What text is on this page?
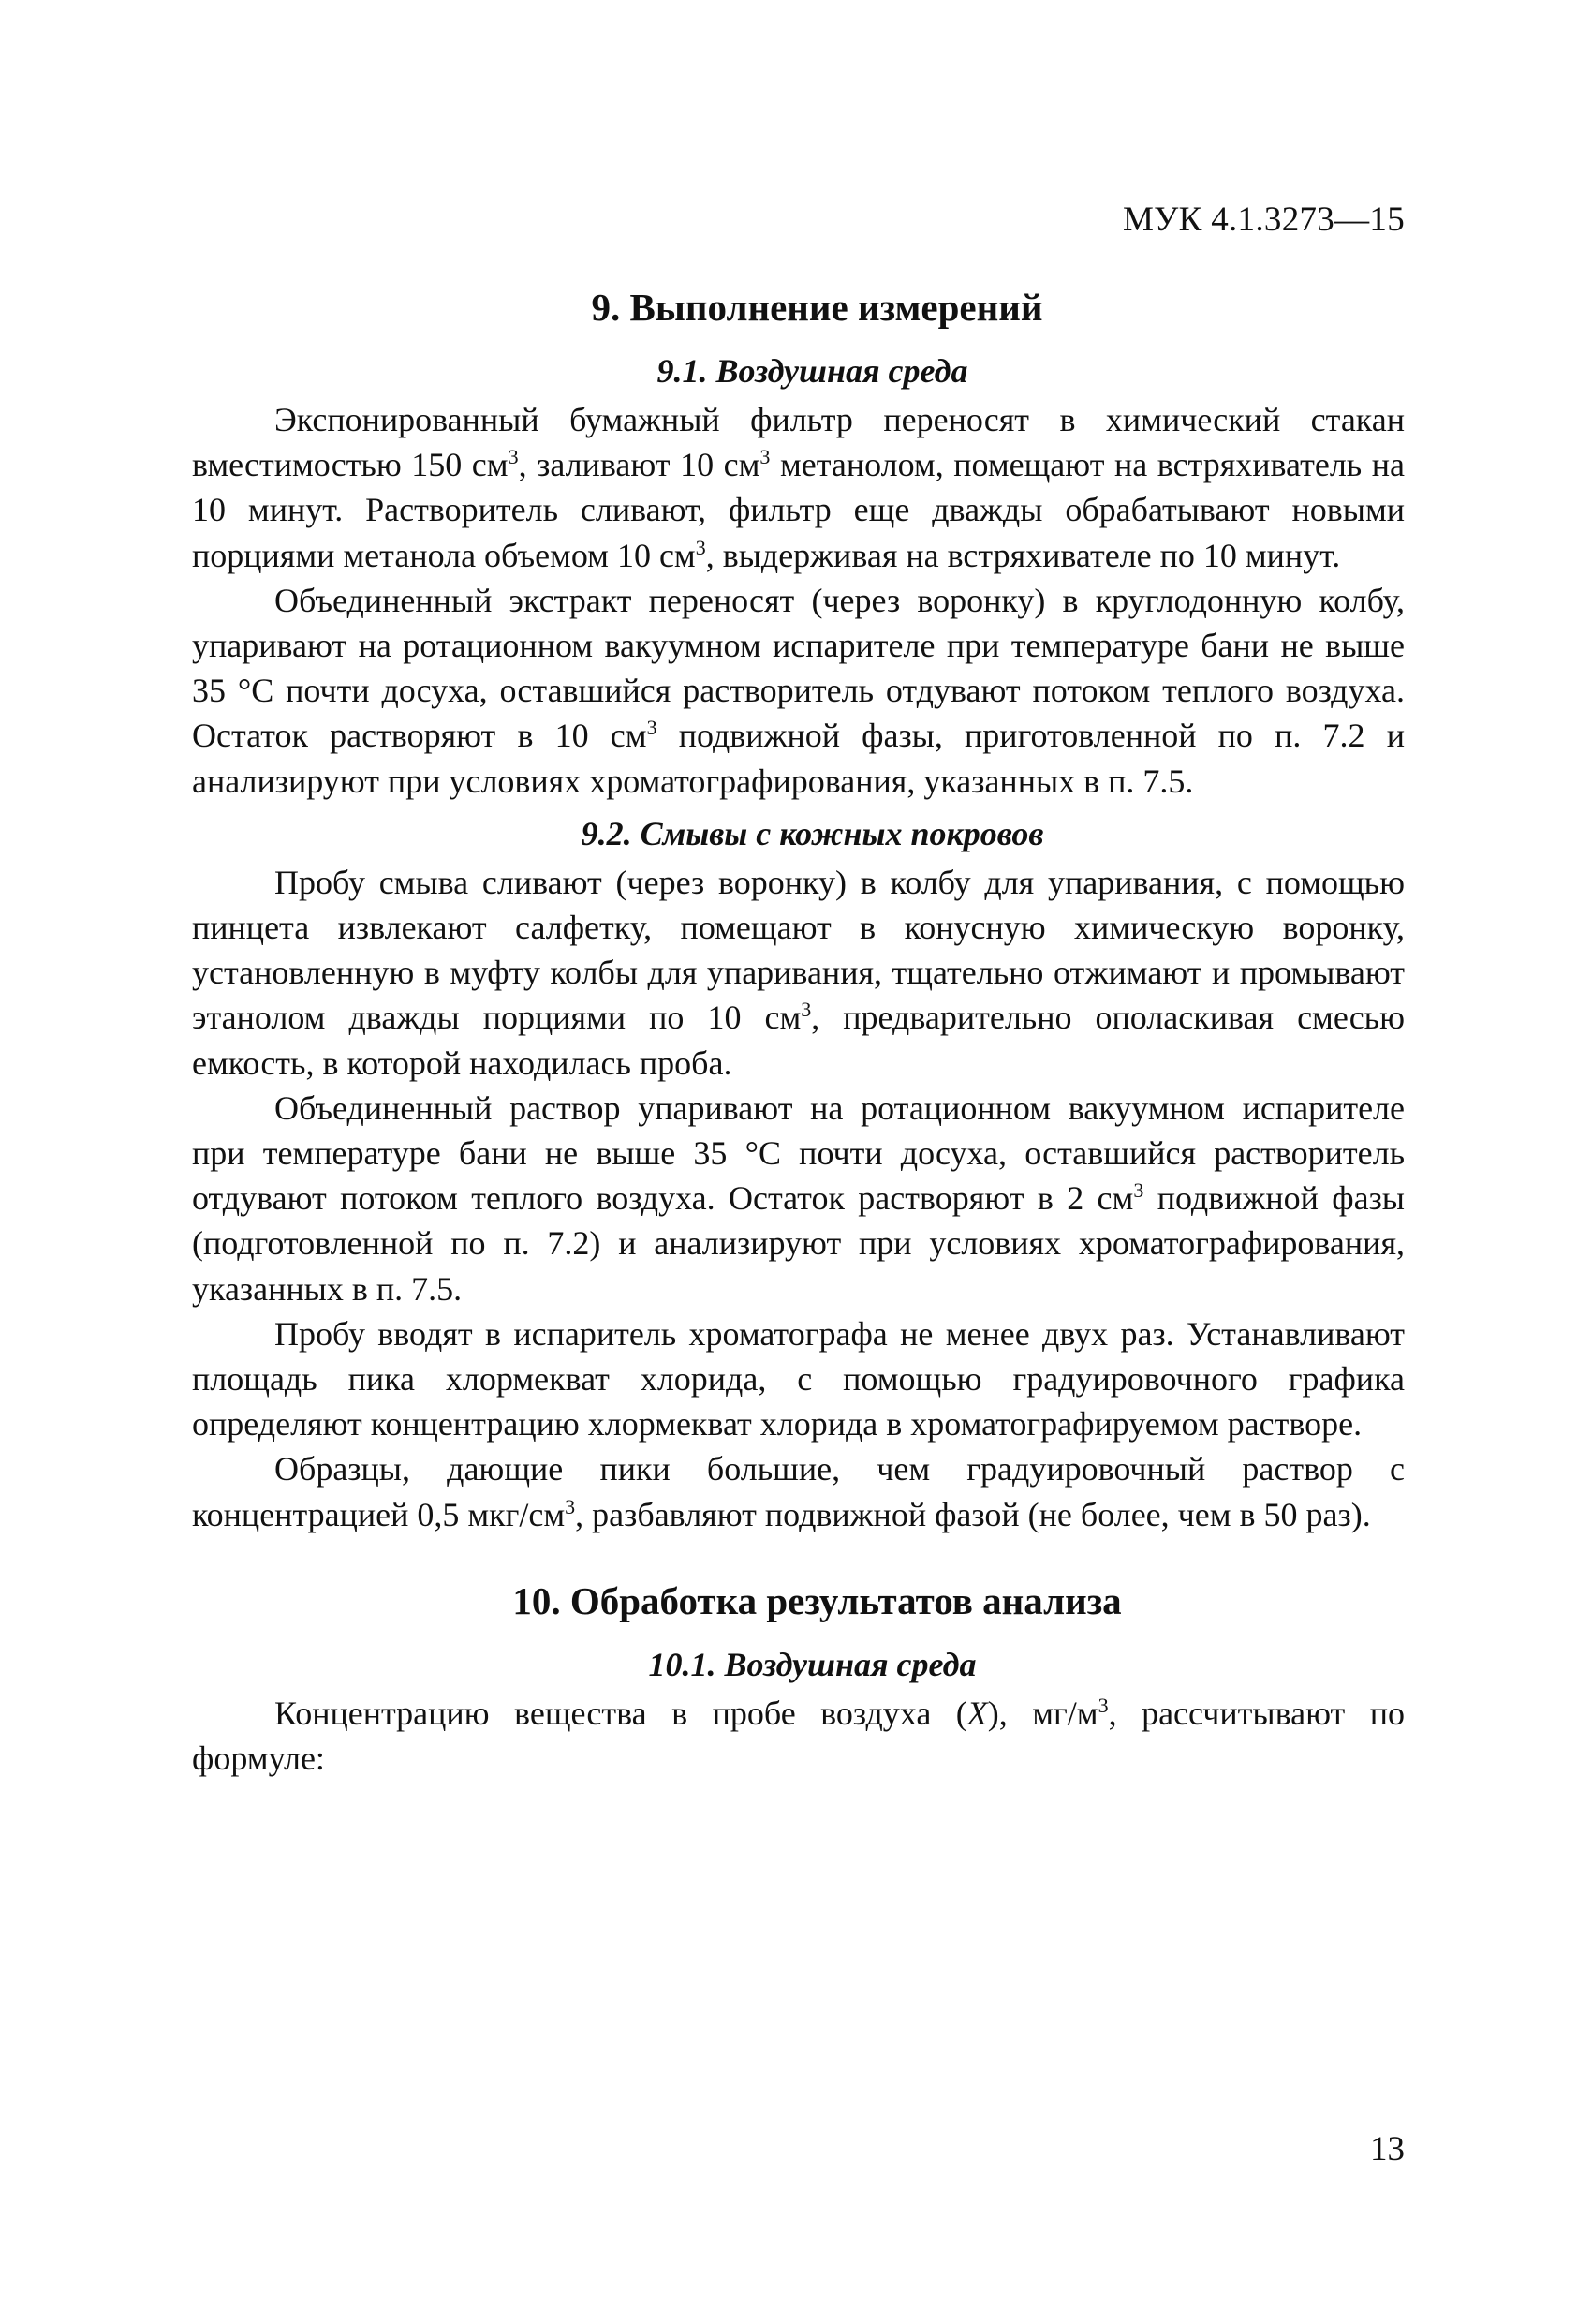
МУК 4.1.3273—15
9. Выполнение измерений
9.1. Воздушная среда

Экспонированный бумажный фильтр переносят в химический стакан вместимостью 150 $см^3$, заливают 10 $см^3$ метанолом, помещают на встряхиватель на 10 минут. Растворитель сливают, фильтр еще дважды обрабатывают новыми порциями метанола объемом 10 $см^3$, выдерживая на встряхивателе по 10 минут.

Объединенный экстракт переносят (через воронку) в круглодонную колбу, упаривают на ротационном вакуумном испарителе при температуре бани не выше 35 °С почти досуха, оставшийся растворитель отдувают потоком теплого воздуха. Остаток растворяют в 10 $см^3$ подвижной фазы, приготовленной по п. 7.2 и анализируют при условиях хроматографирования, указанных в п. 7.5.

9.2. Смывы с кожных покровов

Пробу смыва сливают (через воронку) в колбу для упаривания, с помощью пинцета извлекают салфетку, помещают в конусную химическую воронку, установленную в муфту колбы для упаривания, тщательно отжимают и промывают этанолом дважды порциями по 10 $см^3$, предварительно ополаскивая смесью емкость, в которой находилась проба.

Объединенный раствор упаривают на ротационном вакуумном испарителе при температуре бани не выше 35 °С почти досуха, оставшийся растворитель отдувают потоком теплого воздуха. Остаток растворяют в 2 $см^3$ подвижной фазы (подготовленной по п. 7.2) и анализируют при условиях хроматографирования, указанных в п. 7.5.

Пробу вводят в испаритель хроматографа не менее двух раз. Устанавливают площадь пика хлормекват хлорида, с помощью градуировочного графика определяют концентрацию хлормекват хлорида в хроматографируемом растворе.

Образцы, дающие пики большие, чем градуировочный раствор с концентрацией 0,5 мкг/$см^3$, разбавляют подвижной фазой (не более, чем в 50 раз).

10. Обработка результатов анализа
10.1. Воздушная среда

Концентрацию вещества в пробе воздуха (X), $мг/м^3$, рассчитывают по формуле:

13
